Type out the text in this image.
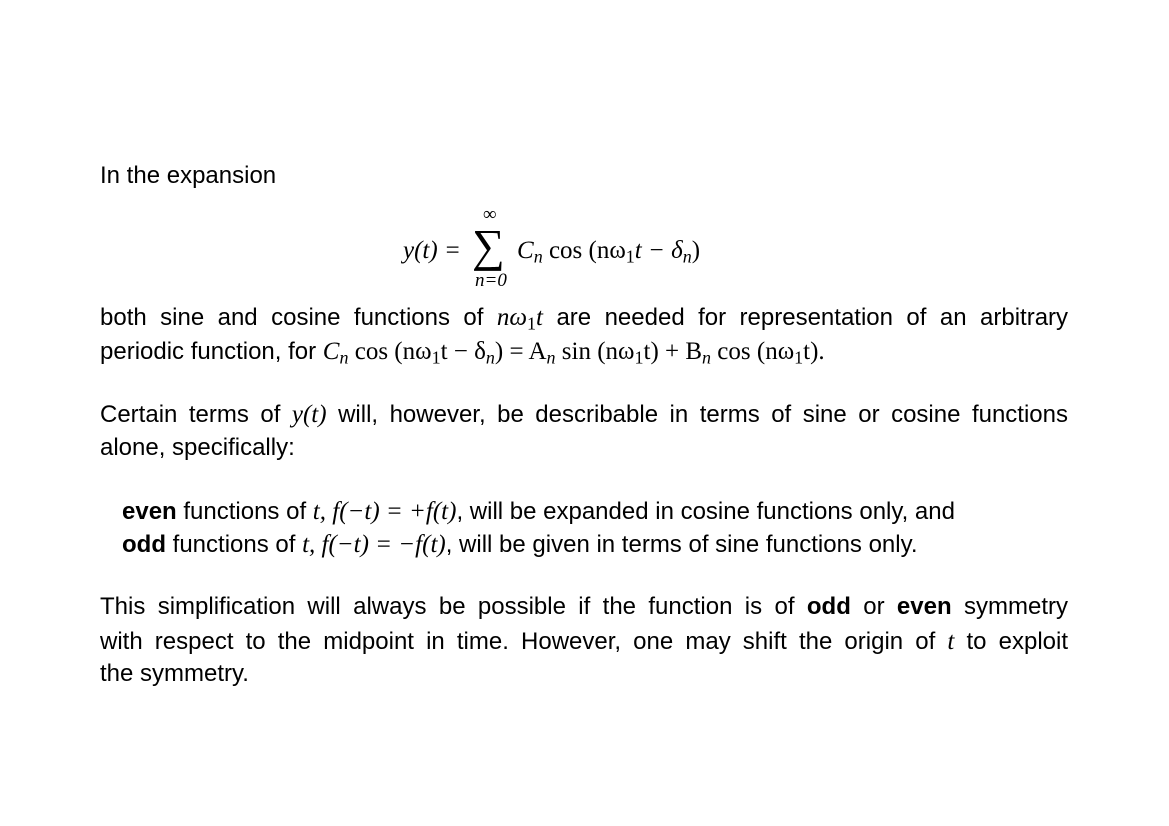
In the expansion
y(t) =
∞
∑
n=0
$C_n$ $\cos (n\omega_1t - \delta_n)$
both sine and cosine functions of $n\omega_1t$ are needed for representation of an arbitrary
periodic function, for $C_n$ $\cos (n\omega_1t - \delta_n) = A_n$ $\sin (n\omega_1t) + B_n$ $\cos (n\omega_1t)$.
Certain terms of y(t) will, however, be describable in terms of sine or cosine functions
alone, specifically:
even functions of t, f(−t) = +f(t), will be expanded in cosine functions only, and
odd functions of t, f(−t) = −f(t), will be given in terms of sine functions only.
This simplification will always be possible if the function is of odd or even symmetry
with respect to the midpoint in time. However, one may shift the origin of t to exploit
the symmetry.
